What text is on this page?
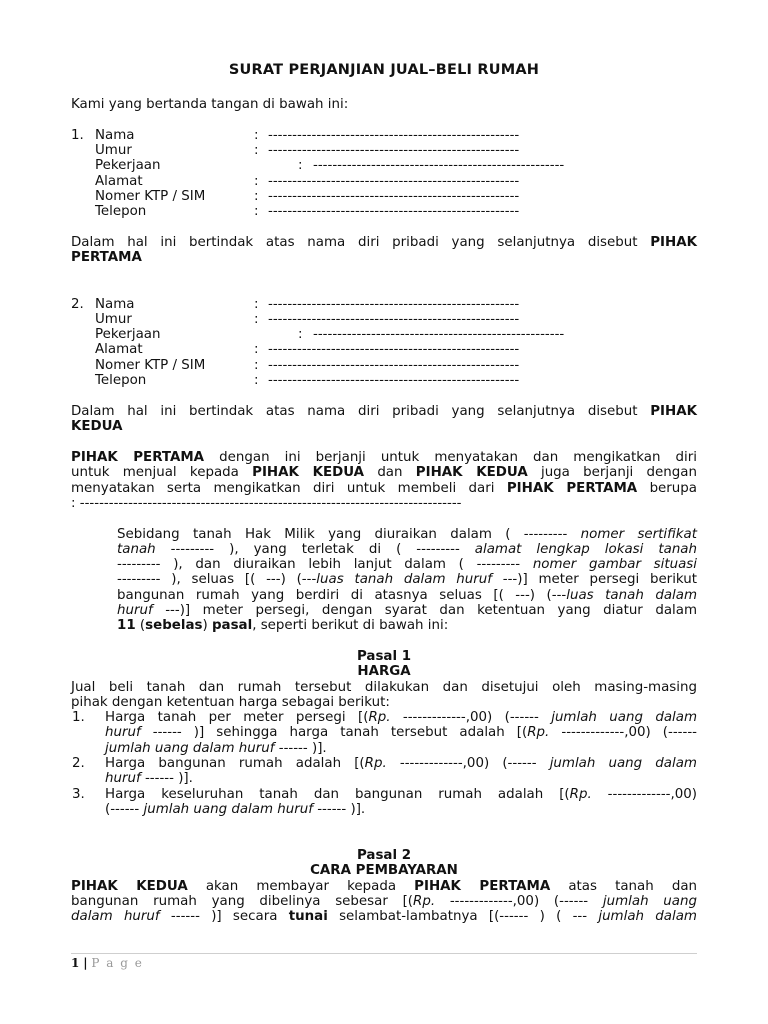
SURAT PERJANJIAN JUAL–BELI RUMAH
Kami yang bertanda tangan di bawah ini:
1. Nama	: ----------------------------------------------------
Umur	: ----------------------------------------------------
Pekerjaan	: ----------------------------------------------------
Alamat	: ----------------------------------------------------
Nomer KTP / SIM	: ----------------------------------------------------
Telepon	: ----------------------------------------------------
Dalam hal ini bertindak atas nama diri pribadi yang selanjutnya disebut PIHAK
PERTAMA
2. Nama	: ----------------------------------------------------
Umur	: ----------------------------------------------------
Pekerjaan	: ----------------------------------------------------
Alamat	: ----------------------------------------------------
Nomer KTP / SIM	: ----------------------------------------------------
Telepon	: ----------------------------------------------------
Dalam hal ini bertindak atas nama diri pribadi yang selanjutnya disebut PIHAK
KEDUA
PIHAK PERTAMA dengan ini berjanji untuk menyatakan dan mengikatkan diri
untuk menjual kepada PIHAK KEDUA dan PIHAK KEDUA juga berjanji dengan
menyatakan serta mengikatkan diri untuk membeli dari PIHAK PERTAMA berupa
: -------------------------------------------------------------------------------
Sebidang tanah Hak Milik yang diuraikan dalam ( --------- nomer sertifikat
tanah --------- ), yang terletak di ( --------- alamat lengkap lokasi tanah
--------- ), dan diuraikan lebih lanjut dalam ( --------- nomer gambar situasi
--------- ), seluas [( ---) (---luas tanah dalam huruf ---)] meter persegi berikut
bangunan rumah yang berdiri di atasnya seluas [( ---) (---luas tanah dalam
huruf ---)] meter persegi, dengan syarat dan ketentuan yang diatur dalam
11 (sebelas) pasal, seperti berikut di bawah ini:
Pasal 1
HARGA
Jual beli tanah dan rumah tersebut dilakukan dan disetujui oleh masing-masing
pihak dengan ketentuan harga sebagai berikut:
1. Harga tanah per meter persegi [(Rp. -------------,00) (------ jumlah uang dalam
huruf ------ )] sehingga harga tanah tersebut adalah [(Rp. -------------,00) (------
jumlah uang dalam huruf ------ )].
2. Harga bangunan rumah adalah [(Rp. -------------,00) (------ jumlah uang dalam
huruf ------ )].
3. Harga keseluruhan tanah dan bangunan rumah adalah [(Rp. -------------,00)
(------ jumlah uang dalam huruf ------ )].
Pasal 2
CARA PEMBAYARAN
PIHAK KEDUA akan membayar kepada PIHAK PERTAMA atas tanah dan
bangunan rumah yang dibelinya sebesar [(Rp. -------------,00) (------ jumlah uang
dalam huruf ------ )] secara tunai selambat-lambatnya [(------ ) ( --- jumlah dalam
1 | P a g e
